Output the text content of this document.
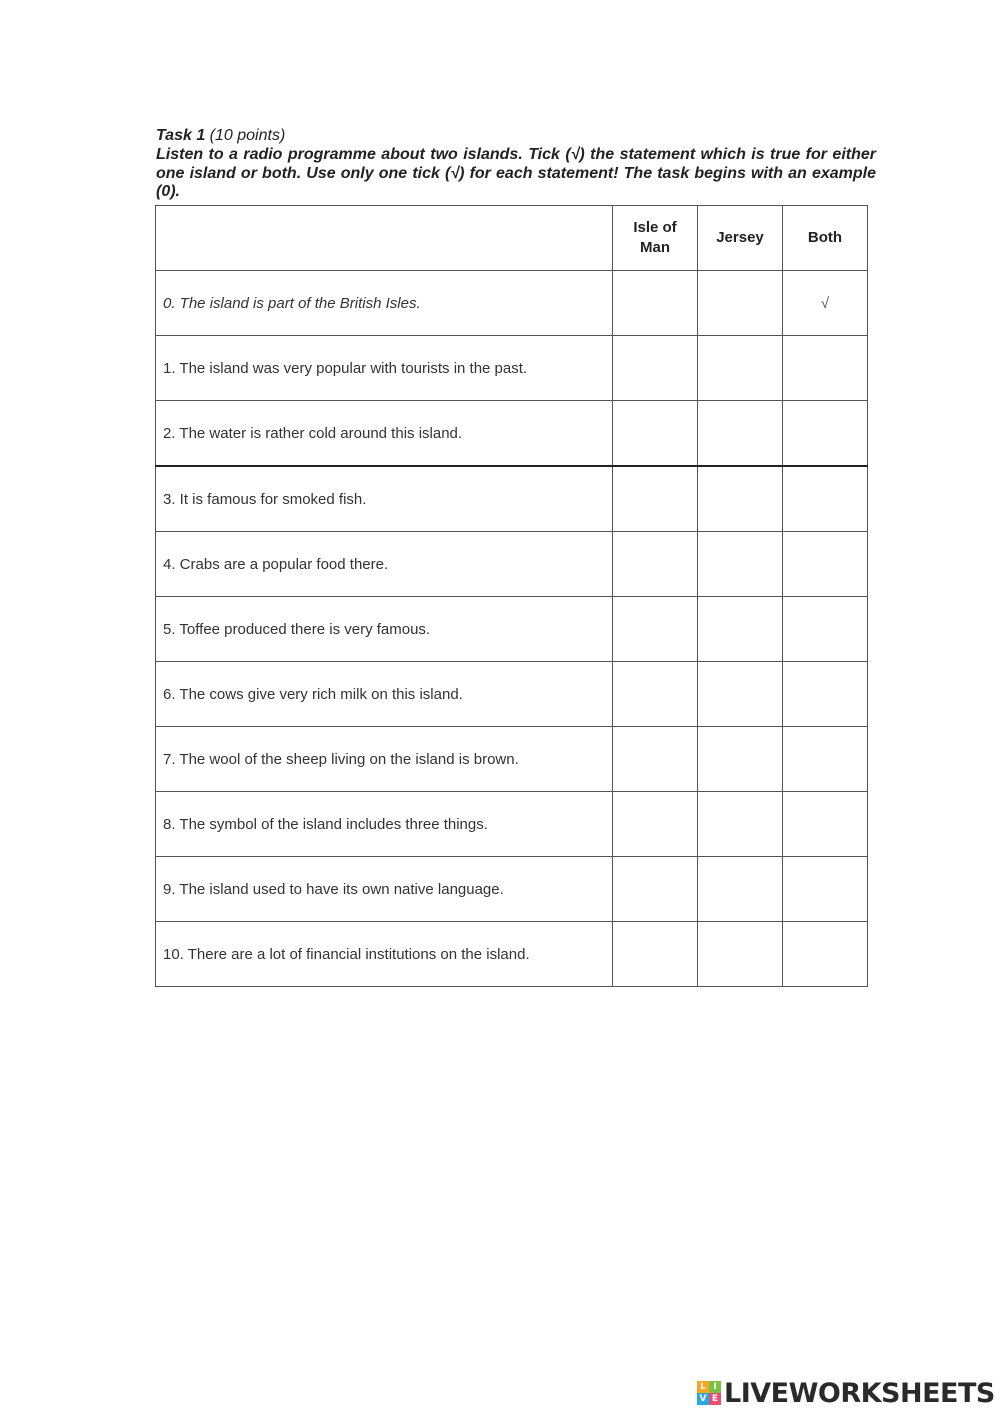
Task 1 (10 points)

Listen to a radio programme about two islands. Tick (√) the statement which is true for either one island or both. Use only one tick (√) for each statement! The task begins with an example (0).

	Isle of Man	Jersey	Both
0. The island is part of the British Isles.			√
1. The island was very popular with tourists in the past.			
2. The water is rather cold around this island.			
3. It is famous for smoked fish.			
4. Crabs are a popular food there.			
5. Toffee produced there is very famous.			
6. The cows give very rich milk on this island.			
7. The wool of the sheep living on the island is brown.			
8. The symbol of the island includes three things.			
9. The island used to have its own native language.			
10. There are a lot of financial institutions on the island.			
L I
V E LIVEWORKSHEETS
